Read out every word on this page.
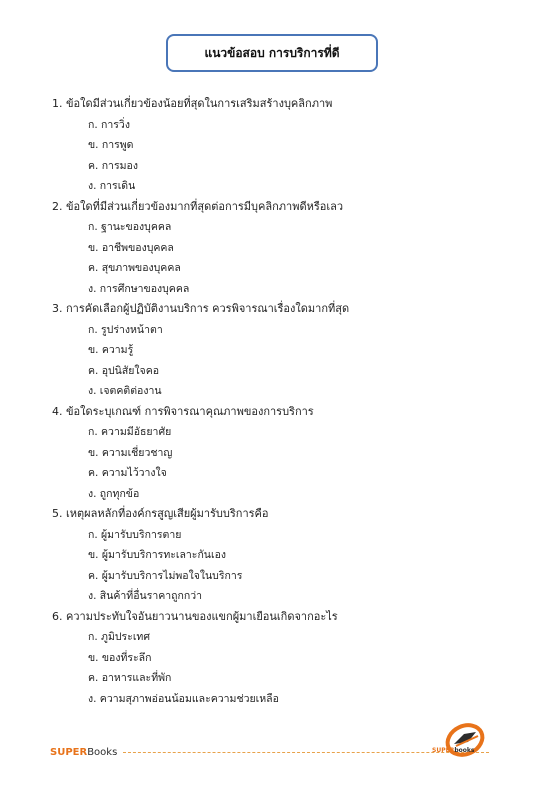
แนวข้อสอบ การบริการที่ดี
1. ข้อใดมีส่วนเกี่ยวข้องน้อยที่สุดในการเสริมสร้างบุคลิกภาพ
ก. การวิ่ง
ข. การพูด
ค. การมอง
ง. การเดิน
2. ข้อใดที่มีส่วนเกี่ยวข้องมากที่สุดต่อการมีบุคลิกภาพดีหรือเลว
ก. ฐานะของบุคคล
ข. อาชีพของบุคคล
ค. สุขภาพของบุคคล
ง. การศึกษาของบุคคล
3. การคัดเลือกผู้ปฏิบัติงานบริการ ควรพิจารณาเรื่องใดมากที่สุด
ก. รูปร่างหน้าตา
ข. ความรู้
ค. อุปนิสัยใจคอ
ง. เจตคติต่องาน
4. ข้อใดระบุเกณฑ์ การพิจารณาคุณภาพของการบริการ
ก. ความมีอัธยาศัย
ข. ความเชี่ยวชาญ
ค. ความไว้วางใจ
ง. ถูกทุกข้อ
5. เหตุผลหลักที่องค์กรสูญเสียผู้มารับบริการคือ
ก. ผู้มารับบริการตาย
ข. ผู้มารับบริการทะเลาะกันเอง
ค. ผู้มารับบริการไม่พอใจในบริการ
ง. สินค้าที่อื่นราคาถูกกว่า
6. ความประทับใจอันยาวนานของแขกผู้มาเยือนเกิดจากอะไร
ก. ภูมิประเทศ
ข. ของที่ระลึก
ค. อาหารและที่พัก
ง. ความสุภาพอ่อนน้อมและความช่วยเหลือ
SUPERBooks	SUPERbooks
